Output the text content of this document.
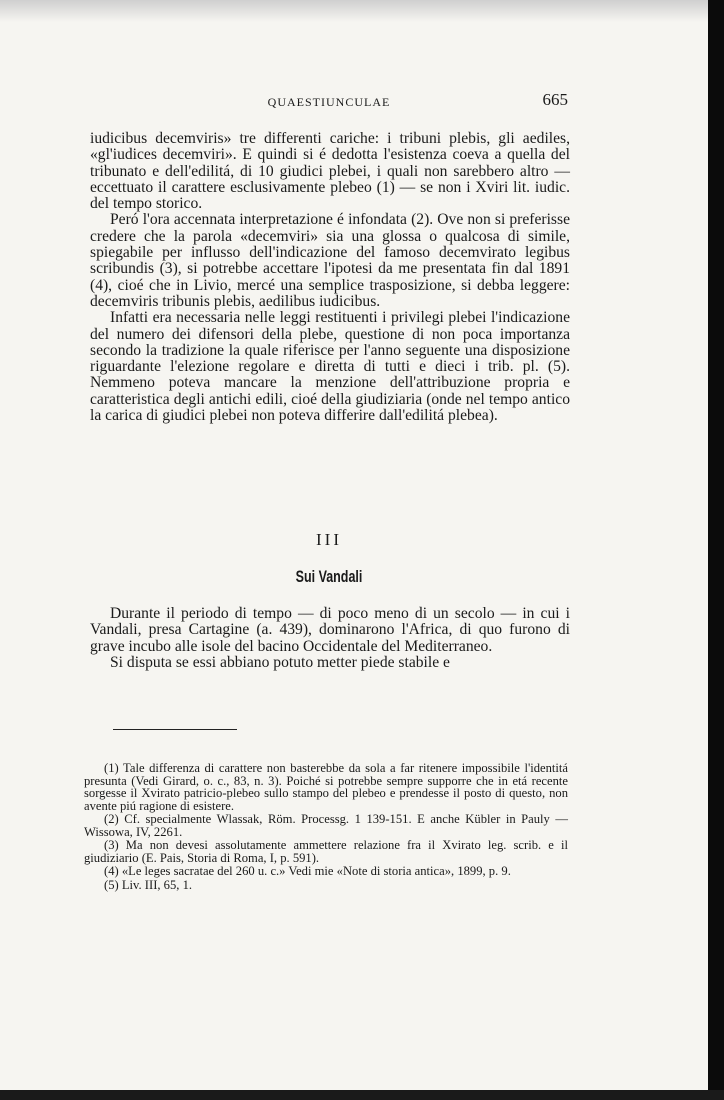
QUAESTIUNCULAE	665

iudicibus decemviris» tre differenti cariche: i tribuni plebis, gli aediles, «gl'iudices decemviri». E quindi si é dedotta l'esistenza coeva a quella del tribunato e dell'edilitá, di 10 giudici plebei, i quali non sarebbero altro — eccettuato il carattere esclusivamente plebeo (1) — se non i Xviri lit. iudic. del tempo storico.

Peró l'ora accennata interpretazione é infondata (2). Ove non si preferisse credere che la parola «decemviri» sia una glossa o qualcosa di simile, spiegabile per influsso dell'indicazione del famoso decemvirato legibus scribundis (3), si potrebbe accettare l'ipotesi da me presentata fin dal 1891 (4), cioé che in Livio, mercé una semplice trasposizione, si debba leggere: decemviris tribunis plebis, aedilibus iudicibus.

Infatti era necessaria nelle leggi restituenti i privilegi plebei l'indicazione del numero dei difensori della plebe, questione di non poca importanza secondo la tradizione la quale riferisce per l'anno seguente una disposizione riguardante l'elezione regolare e diretta di tutti e dieci i trib. pl. (5). Nemmeno poteva mancare la menzione dell'attribuzione propria e caratteristica degli antichi edili, cioé della giudiziaria (onde nel tempo antico la carica di giudici plebei non poteva differire dall'edilitá plebea).

III
Sui Vandali

Durante il periodo di tempo — di poco meno di un secolo — in cui i Vandali, presa Cartagine (a. 439), dominarono l'Africa, di quo furono di grave incubo alle isole del bacino Occidentale del Mediterraneo.

Si disputa se essi abbiano potuto metter piede stabile e

(1) Tale differenza di carattere non basterebbe da sola a far ritenere impossibile l'identitá presunta (Vedi Girard, o. c., 83, n. 3). Poiché si potrebbe sempre supporre che in etá recente sorgesse il Xvirato patricio-plebeo sullo stampo del plebeo e prendesse il posto di questo, non avente piú ragione di esistere.

(2) Cf. specialmente Wlassak, Röm. Processg. 1 139-151. E anche Kübler in Pauly — Wissowa, IV, 2261.

(3) Ma non devesi assolutamente ammettere relazione fra il Xvirato leg. scrib. e il giudiziario (E. Pais, Storia di Roma, I, p. 591).

(4) «Le leges sacratae del 260 u. c.» Vedi mie «Note di storia antica», 1899, p. 9.

(5) Liv. III, 65, 1.
